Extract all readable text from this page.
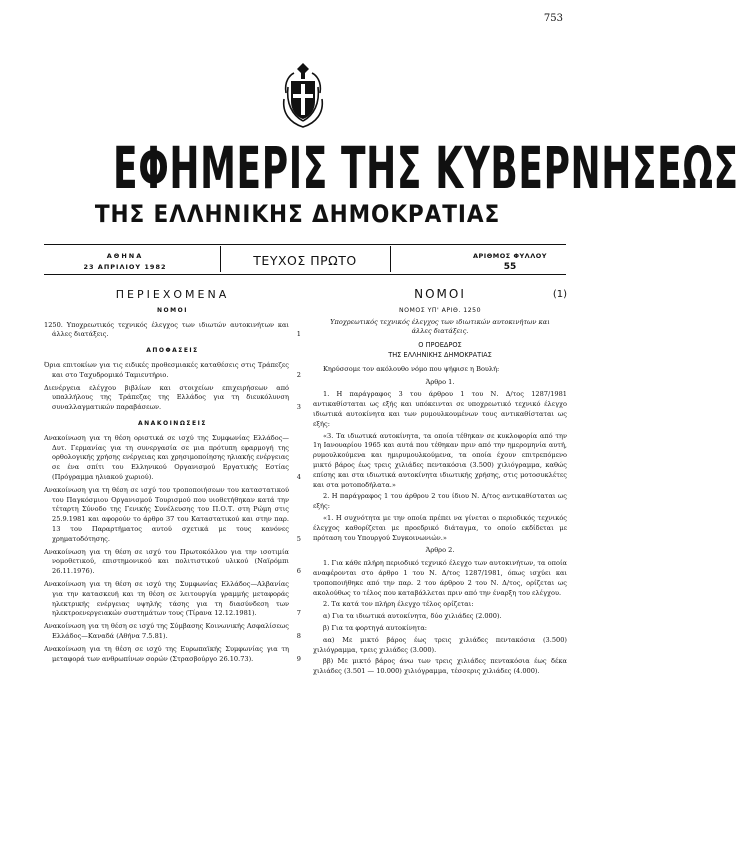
753
ΕΦΗΜΕΡΙΣ ΤΗΣ ΚΥΒΕΡΝΗΣΕΩΣ
ΤΗΣ ΕΛΛΗΝΙΚΗΣ ΔΗΜΟΚΡΑΤΙΑΣ
ΑΘΗΝΑ
23 ΑΠΡΙΛΙΟΥ 1982	ΤΕΥΧΟΣ ΠΡΩΤΟ	ΑΡΙΘΜΟΣ ΦΥΛΛΟΥ
55
ΠΕΡΙΕΧΟΜΕΝΑ
ΝΟΜΟΙ
1250. Υποχρεωτικός τεχνικός έλεγχος των ιδιωτών αυτοκινήτων και άλλες διατάξεις.	1
ΑΠΟΦΑΣΕΙΣ
Όρια επιτοκίων για τις ειδικές προθεσμιακές καταθέσεις στις Τράπεζες και στο Ταχυδρομικό Ταμιευτήριο.	2
Διενέργεια ελέγχου βιβλίων και στοιχείων επιχειρήσεων από υπαλλήλους της Τράπεζας της Ελλάδος για τη διευκόλυνση συναλλαγματικών παραβάσεων.	3
ΑΝΑΚΟΙΝΩΣΕΙΣ
Ανακοίνωση για τη θέση οριστικά σε ισχύ της Συμφωνίας Ελλάδος—Δυτ. Γερμανίας για τη συνεργασία σε μια πρότυπη εφαρμογή της ορθολογικής χρήσης ενέργειας και χρησιμοποίησης ηλιακής ενέργειας σε ένα σπίτι του Ελληνικού Οργανισμού Εργατικής Εστίας (Πρόγραμμα ηλιακού χωριού).	4
Ανακοίνωση για τη θέση σε ισχύ του τροποποιήσεων του καταστατικού του Παγκόσμιου Οργανισμού Τουρισμού που υιοθετήθηκαν κατά την τέταρτη Σύνοδο της Γενικής Συνέλευσης του Π.Ο.Τ. στη Ρώμη στις 25.9.1981 και αφορούν το άρθρο 37 του Καταστατικού και στην παρ. 13 του Παραρτήματος αυτού σχετικά με τους κανόνες χρηματοδότησης.	5
Ανακοίνωση για τη θέση σε ισχύ του Πρωτοκόλλου για την ισοτιμία νομοθετικού, επιστημονικού και πολιτιστικού υλικού (Ναϊρόμπι 26.11.1976).	6
Ανακοίνωση για τη θέση σε ισχύ της Συμφωνίας Ελλάδος—Αλβανίας για την κατασκευή και τη θέση σε λειτουργία γραμμής μεταφοράς ηλεκτρικής ενέργειας υψηλής τάσης για τη διασύνδεση των ηλεκτροενεργειακών συστημάτων τους (Τίρανα 12.12.1981).	7
Ανακοίνωση για τη θέση σε ισχύ της Σύμβασης Κοινωνικής Ασφαλίσεως Ελλάδος—Καναδά (Αθήνα 7.5.81).	8
Ανακοίνωση για τη θέση σε ισχύ της Ευρωπαϊκής Συμφωνίας για τη μεταφορά των ανθρωπίνων σορών (Στρασβούργο 26.10.73).	9
ΝΟΜΟΙ	(1)
ΝΟΜΟΣ ΥΠ' ΑΡΙΘ. 1250
Υποχρεωτικός τεχνικός έλεγχος των ιδιωτικών αυτοκινήτων και άλλες διατάξεις.
Ο ΠΡΟΕΔΡΟΣ
ΤΗΣ ΕΛΛΗΝΙΚΗΣ ΔΗΜΟΚΡΑΤΙΑΣ
Κηρύσσομε τον ακόλουθο νόμο που ψήφισε η Βουλή:
Άρθρο 1.
1. Η παράγραφος 3 του άρθρου 1 του Ν. Δ/τος 1287/1981 αντικαθίσταται ως εξής και υπόκεινται σε υποχρεωτικό τεχνικό έλεγχο ιδιωτικά αυτοκίνητα και των ρυμουλκουμένων τους αντικαθίσταται ως εξής:
«3. Τα ιδιωτικά αυτοκίνητα, τα οποία τέθηκαν σε κυκλοφορία από την 1η Ιανουαρίου 1965 και αυτά που τέθηκαν πριν από την ημερομηνία αυτή, ρυμουλκούμενα και ημιρυμουλκούμενα, τα οποία έχουν επιτρεπόμενο μικτό βάρος έως τρεις χιλιάδες πεντακόσια (3.500) χιλιόγραμμα, καθώς επίσης και στα ιδιωτικά αυτοκίνητα ιδιωτικής χρήσης, στις μοτοσυκλέτες και στα μοτοποδήλατα.»
2. Η παράγραφος 1 του άρθρου 2 του ίδιου Ν. Δ/τος αντικαθίσταται ως εξής:
«1. Η συχνότητα με την οποία πρέπει να γίνεται ο περιοδικός τεχνικός έλεγχος καθορίζεται με προεδρικό διάταγμα, το οποίο εκδίδεται με πρόταση του Υπουργού Συγκοινωνιών.»
Άρθρο 2.
1. Για κάθε πλήρη περιοδικό τεχνικό έλεγχο των αυτοκινήτων, τα οποία αναφέρονται στο άρθρο 1 του Ν. Δ/τος 1287/1981, όπως ισχύει και τροποποιήθηκε από την παρ. 2 του άρθρου 2 του Ν. Δ/τος, ορίζεται ως ακολούθως το τέλος που καταβάλλεται πριν από την έναρξη του ελέγχου.
2. Τα κατά τον πλήρη έλεγχο τέλος ορίζεται:
α) Για τα ιδιωτικά αυτοκίνητα, δύο χιλιάδες (2.000).
β) Για τα φορτηγά αυτοκίνητα:
αα) Με μικτό βάρος έως τρεις χιλιάδες πεντακόσια (3.500) χιλιόγραμμα, τρεις χιλιάδες (3.000).
ββ) Με μικτό βάρος άνω των τρεις χιλιάδες πεντακόσια έως δέκα χιλιάδες (3.501 — 10.000) χιλιόγραμμα, τέσσερις χιλιάδες (4.000).
